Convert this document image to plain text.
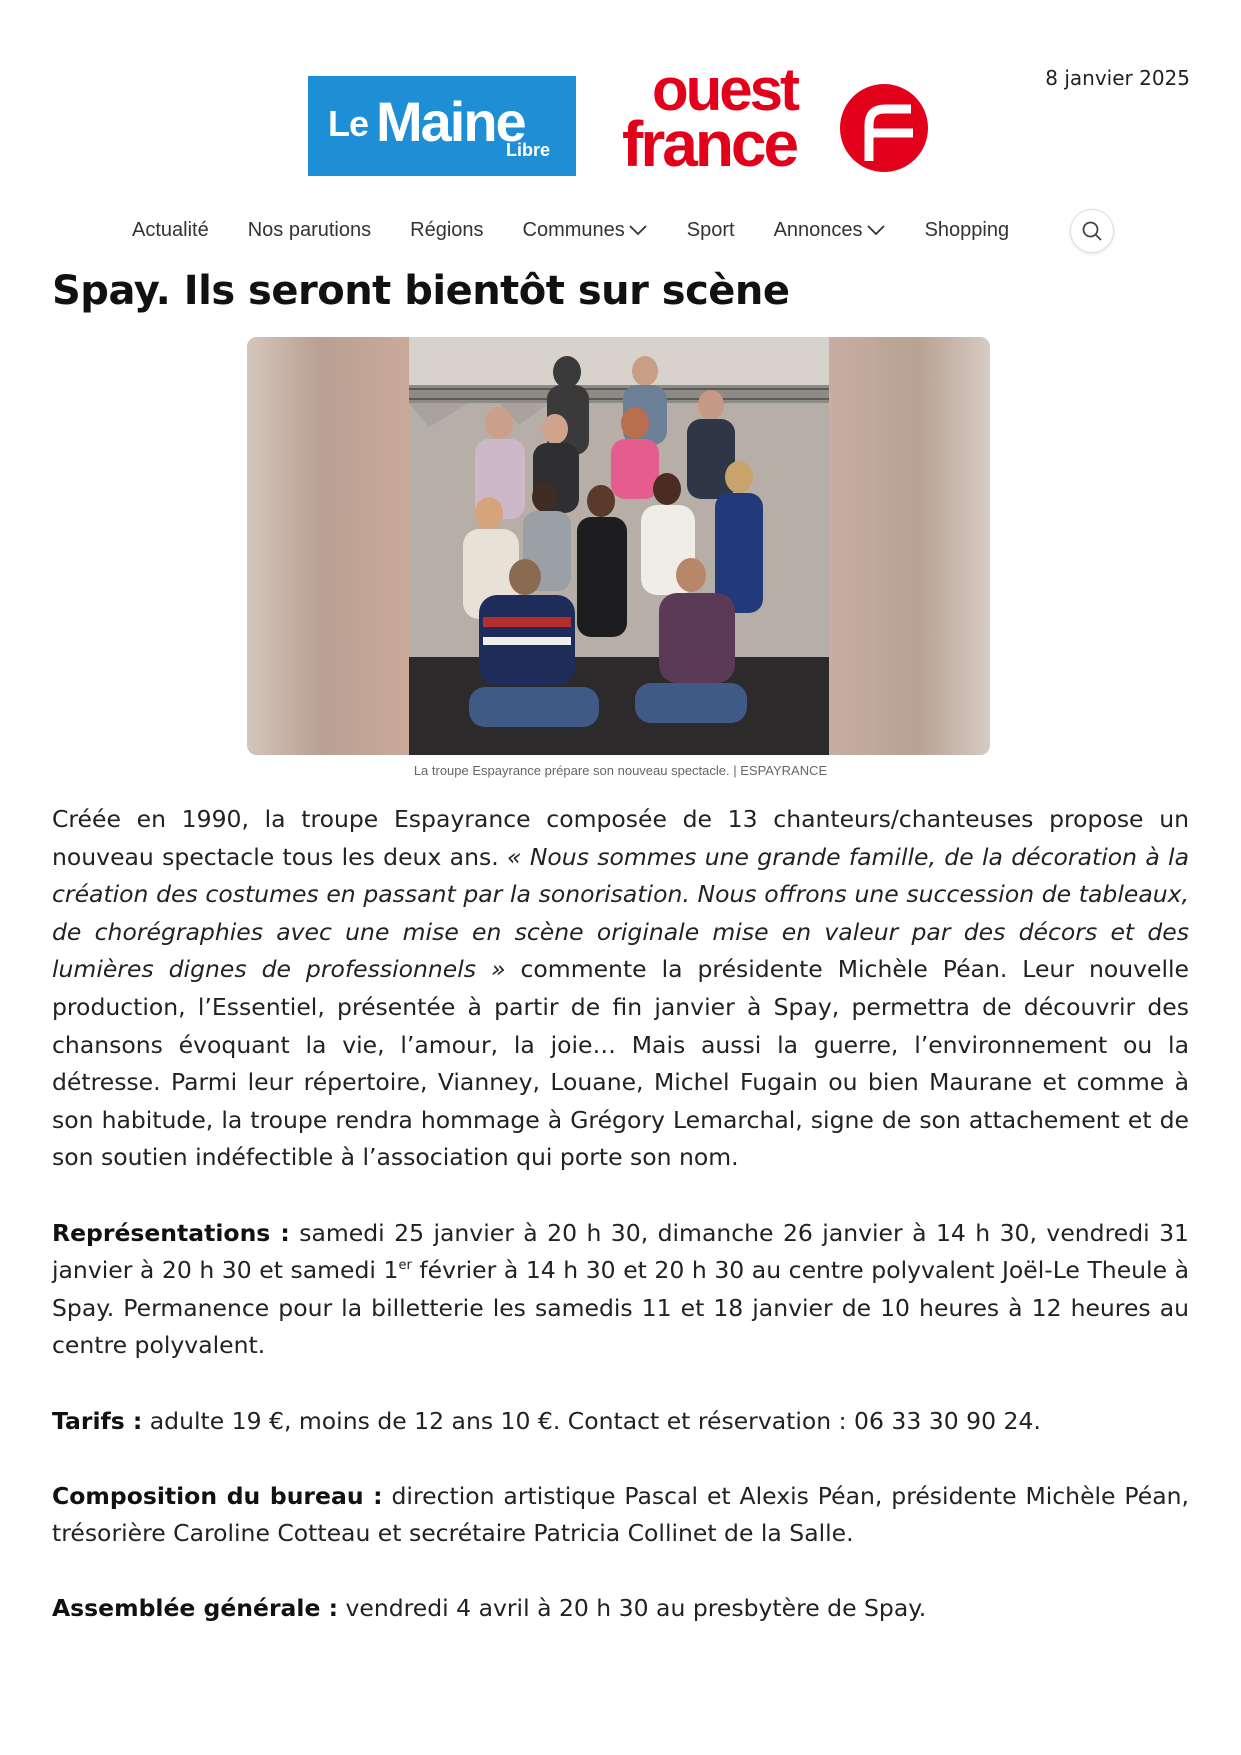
8 janvier 2025
Le Maine
Libre
ouest
france
Actualité Nos parutions Régions Communes	Sport Annonces	Shopping
Spay. Ils seront bientôt sur scène
La troupe Espayrance prépare son nouveau spectacle. | ESPAYRANCE

Créée en 1990, la troupe Espayrance composée de 13 chanteurs/chanteuses propose un nouveau spectacle tous les deux ans. « Nous sommes une grande famille, de la décoration à la création des costumes en passant par la sonorisation. Nous offrons une succession de tableaux, de chorégraphies avec une mise en scène originale mise en valeur par des décors et des lumières dignes de professionnels » commente la présidente Michèle Péan. Leur nouvelle production, l’Essentiel, présentée à partir de fin janvier à Spay, permettra de découvrir des chansons évoquant la vie, l’amour, la joie… Mais aussi la guerre, l’environnement ou la détresse. Parmi leur répertoire, Vianney, Louane, Michel Fugain ou bien Maurane et comme à son habitude, la troupe rendra hommage à Grégory Lemarchal, signe de son attachement et de son soutien indéfectible à l’association qui porte son nom.

Représentations : samedi 25 janvier à 20 h 30, dimanche 26 janvier à 14 h 30, vendredi 31 janvier à 20 h 30 et samedi 1er février à 14 h 30 et 20 h 30 au centre polyvalent Joël-Le Theule à Spay. Permanence pour la billetterie les samedis 11 et 18 janvier de 10 heures à 12 heures au centre polyvalent.

Tarifs : adulte 19 €, moins de 12 ans 10 €. Contact et réservation : 06 33 30 90 24.

Composition du bureau : direction artistique Pascal et Alexis Péan, présidente Michèle Péan, trésorière Caroline Cotteau et secrétaire Patricia Collinet de la Salle.

Assemblée générale : vendredi 4 avril à 20 h 30 au presbytère de Spay.
